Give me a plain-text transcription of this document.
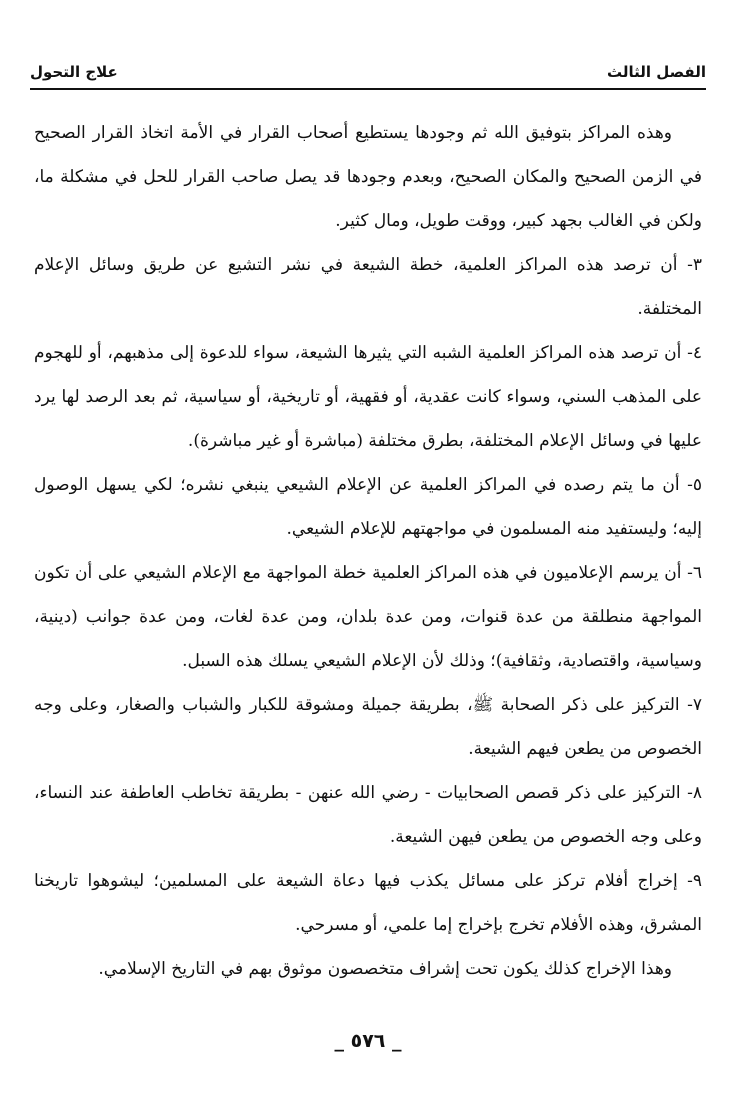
الفصل الثالث
علاج التحول

وهذه المراكز بتوفيق الله ثم وجودها يستطيع أصحاب القرار في الأمة اتخاذ القرار الصحيح في الزمن الصحيح والمكان الصحيح، وبعدم وجودها قد يصل صاحب القرار للحل في مشكلة ما، ولكن في الغالب بجهد كبير، ووقت طويل، ومال كثير.

٣- أن ترصد هذه المراكز العلمية، خطة الشيعة في نشر التشيع عن طريق وسائل الإعلام المختلفة.

٤- أن ترصد هذه المراكز العلمية الشبه التي يثيرها الشيعة، سواء للدعوة إلى مذهبهم، أو للهجوم على المذهب السني، وسواء كانت عقدية، أو فقهية، أو تاريخية، أو سياسية، ثم بعد الرصد لها يرد عليها في وسائل الإعلام المختلفة، بطرق مختلفة (مباشرة أو غير مباشرة).

٥- أن ما يتم رصده في المراكز العلمية عن الإعلام الشيعي ينبغي نشره؛ لكي يسهل الوصول إليه؛ وليستفيد منه المسلمون في مواجهتهم للإعلام الشيعي.

٦- أن يرسم الإعلاميون في هذه المراكز العلمية خطة المواجهة مع الإعلام الشيعي على أن تكون المواجهة منطلقة من عدة قنوات، ومن عدة بلدان، ومن عدة لغات، ومن عدة جوانب (دينية، وسياسية، واقتصادية، وثقافية)؛ وذلك لأن الإعلام الشيعي يسلك هذه السبل.

٧- التركيز على ذكر الصحابة ﷺ، بطريقة جميلة ومشوقة للكبار والشباب والصغار، وعلى وجه الخصوص من يطعن فيهم الشيعة.

٨- التركيز على ذكر قصص الصحابيات - رضي الله عنهن - بطريقة تخاطب العاطفة عند النساء، وعلى وجه الخصوص من يطعن فيهن الشيعة.

٩- إخراج أفلام تركز على مسائل يكذب فيها دعاة الشيعة على المسلمين؛ ليشوهوا تاريخنا المشرق، وهذه الأفلام تخرج بإخراج إما علمي، أو مسرحي.

وهذا الإخراج كذلك يكون تحت إشراف متخصصون موثوق بهم في التاريخ الإسلامي.

_ ٥٧٦ _
